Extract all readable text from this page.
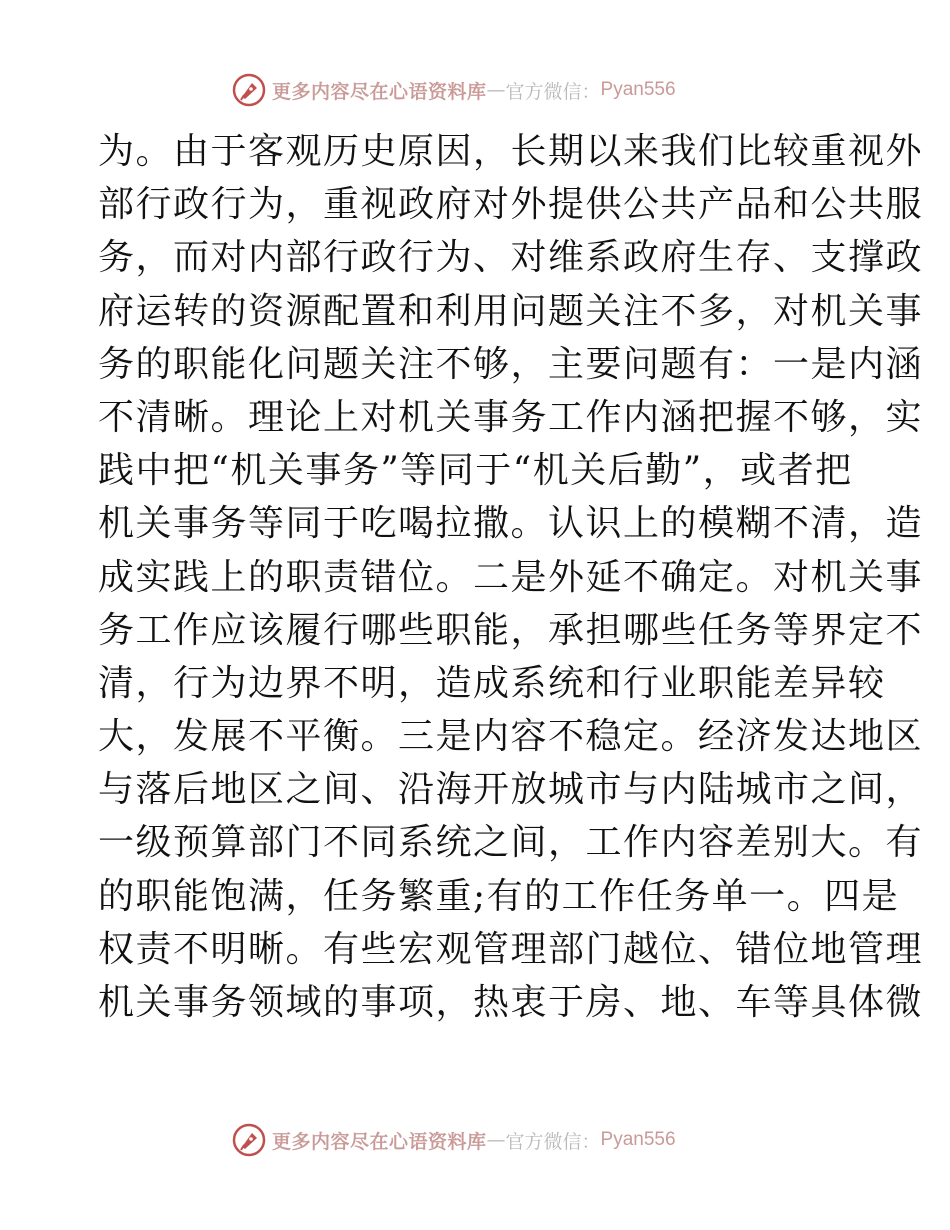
更多内容尽在心语资料库 — 官方微信： Pyan556
为。由于客观历史原因，长期以来我们比较重视外
部行政行为，重视政府对外提供公共产品和公共服
务，而对内部行政行为、对维系政府生存、支撑政
府运转的资源配置和利用问题关注不多，对机关事
务的职能化问题关注不够，主要问题有：一是内涵
不清晰。理论上对机关事务工作内涵把握不够，实
践中把“机关事务”等同于“机关后勤”，或者把
机关事务等同于吃喝拉撒。认识上的模糊不清，造
成实践上的职责错位。二是外延不确定。对机关事
务工作应该履行哪些职能，承担哪些任务等界定不
清，行为边界不明，造成系统和行业职能差异较
大，发展不平衡。三是内容不稳定。经济发达地区
与落后地区之间、沿海开放城市与内陆城市之间，
一级预算部门不同系统之间，工作内容差别大。有
的职能饱满，任务繁重;有的工作任务单一。四是
权责不明晰。有些宏观管理部门越位、错位地管理
机关事务领域的事项，热衷于房、地、车等具体微
更多内容尽在心语资料库 — 官方微信： Pyan556
